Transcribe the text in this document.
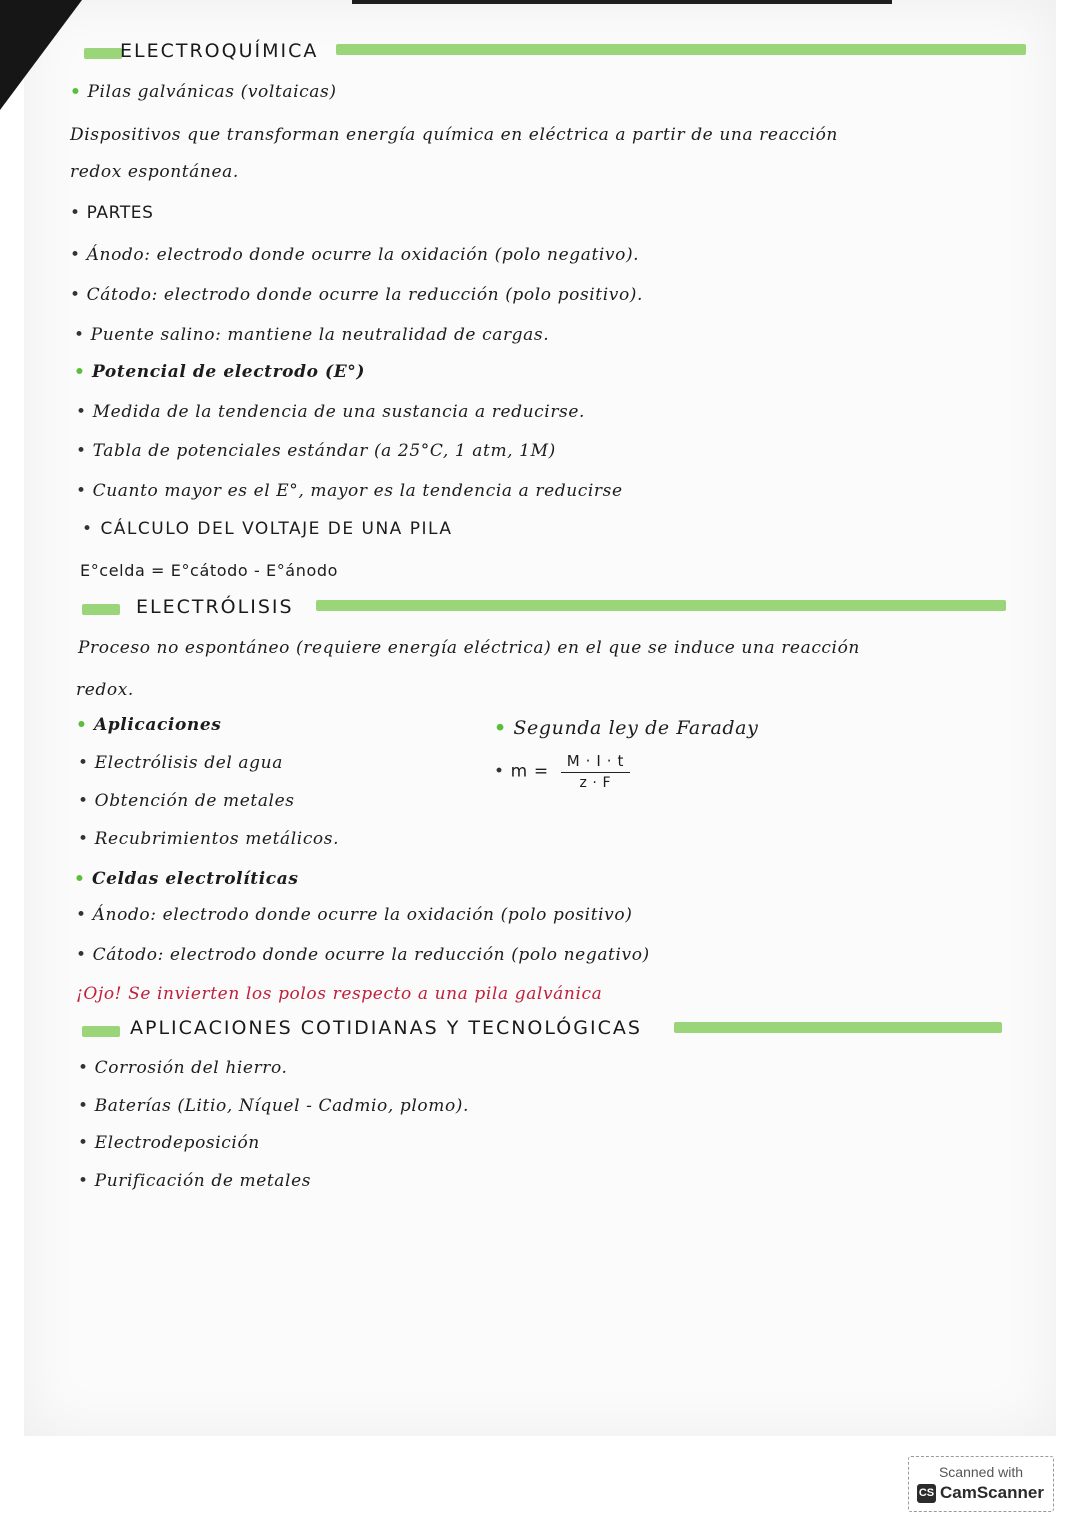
ELECTROQUÍMICA
• Pilas galvánicas (voltaicas)
Dispositivos que transforman energía química en eléctrica a partir de una reacción
redox espontánea.
• PARTES
• Ánodo: electrodo donde ocurre la oxidación (polo negativo).
• Cátodo: electrodo donde ocurre la reducción (polo positivo).
• Puente salino: mantiene la neutralidad de cargas.
• Potencial de electrodo (E°)
• Medida de la tendencia de una sustancia a reducirse.
• Tabla de potenciales estándar (a 25°C, 1 atm, 1M)
• Cuanto mayor es el E°, mayor es la tendencia a reducirse
• CÁLCULO DEL VOLTAJE DE UNA PILA
E°celda = E°cátodo - E°ánodo
ELECTRÓLISIS
Proceso no espontáneo (requiere energía eléctrica) en el que se induce una reacción
redox.
• Aplicaciones
• Electrólisis del agua
• Obtención de metales
• Recubrimientos metálicos.
• Segunda ley de Faraday
• $m = \frac{M \cdot I \cdot t}{z \cdot F}$
• Celdas electrolíticas
• Ánodo: electrodo donde ocurre la oxidación (polo positivo)
• Cátodo: electrodo donde ocurre la reducción (polo negativo)
¡Ojo! Se invierten los polos respecto a una pila galvánica
APLICACIONES COTIDIANAS Y TECNOLÓGICAS
• Corrosión del hierro.
• Baterías (Litio, Níquel - Cadmio, plomo).
• Electrodeposición
• Purificación de metales
Scanned with
CS CamScanner
